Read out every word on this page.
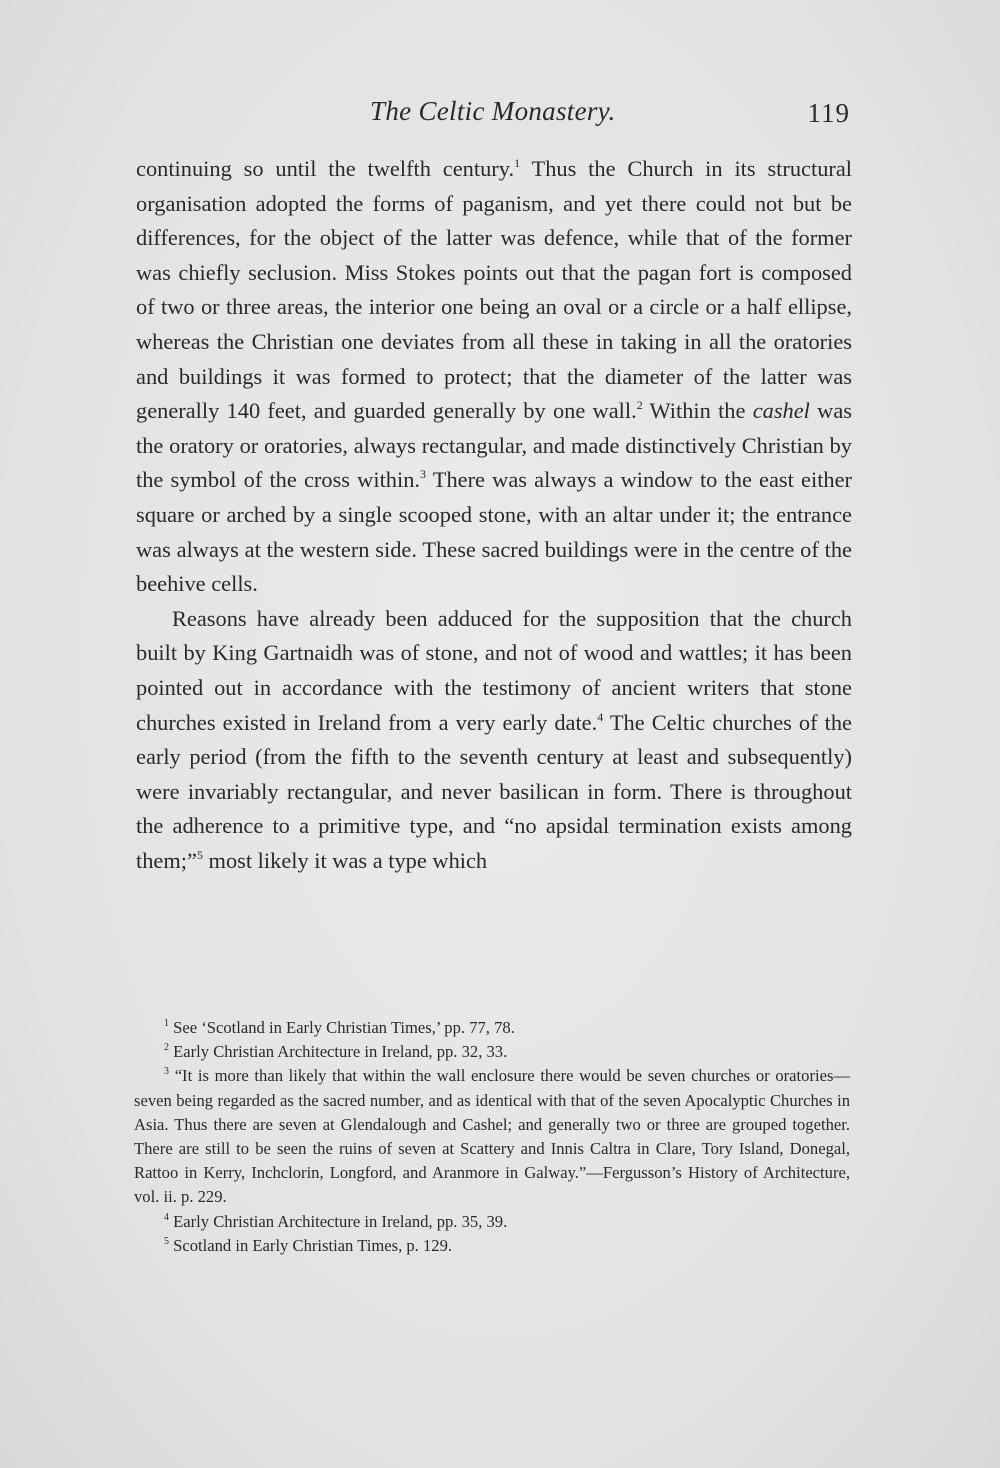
The Celtic Monastery.	119

continuing so until the twelfth century.$^1$ Thus the Church in its structural organisation adopted the forms of paganism, and yet there could not but be differences, for the object of the latter was defence, while that of the former was chiefly seclusion. Miss Stokes points out that the pagan fort is composed of two or three areas, the interior one being an oval or a circle or a half ellipse, whereas the Christian one deviates from all these in taking in all the oratories and buildings it was formed to protect; that the diameter of the latter was generally 140 feet, and guarded generally by one wall.$^2$ Within the cashel was the oratory or oratories, always rectangular, and made distinctively Christian by the symbol of the cross within.$^3$ There was always a window to the east either square or arched by a single scooped stone, with an altar under it; the entrance was always at the western side. These sacred buildings were in the centre of the beehive cells.

Reasons have already been adduced for the supposition that the church built by King Gartnaidh was of stone, and not of wood and wattles; it has been pointed out in accordance with the testimony of ancient writers that stone churches existed in Ireland from a very early date.$^4$ The Celtic churches of the early period (from the fifth to the seventh century at least and subsequently) were invariably rectangular, and never basilican in form. There is throughout the adherence to a primitive type, and “no apsidal termination exists among them;”$^5$ most likely it was a type which

$^1$ See ‘Scotland in Early Christian Times,’ pp. 77, 78.

$^2$ Early Christian Architecture in Ireland, pp. 32, 33.

$^3$ “It is more than likely that within the wall enclosure there would be seven churches or oratories—seven being regarded as the sacred number, and as identical with that of the seven Apocalyptic Churches in Asia. Thus there are seven at Glendalough and Cashel; and generally two or three are grouped together. There are still to be seen the ruins of seven at Scattery and Innis Caltra in Clare, Tory Island, Donegal, Rattoo in Kerry, Inchclorin, Longford, and Aranmore in Galway.”—Fergusson’s History of Architecture, vol. ii. p. 229.

$^4$ Early Christian Architecture in Ireland, pp. 35, 39.

$^5$ Scotland in Early Christian Times, p. 129.
